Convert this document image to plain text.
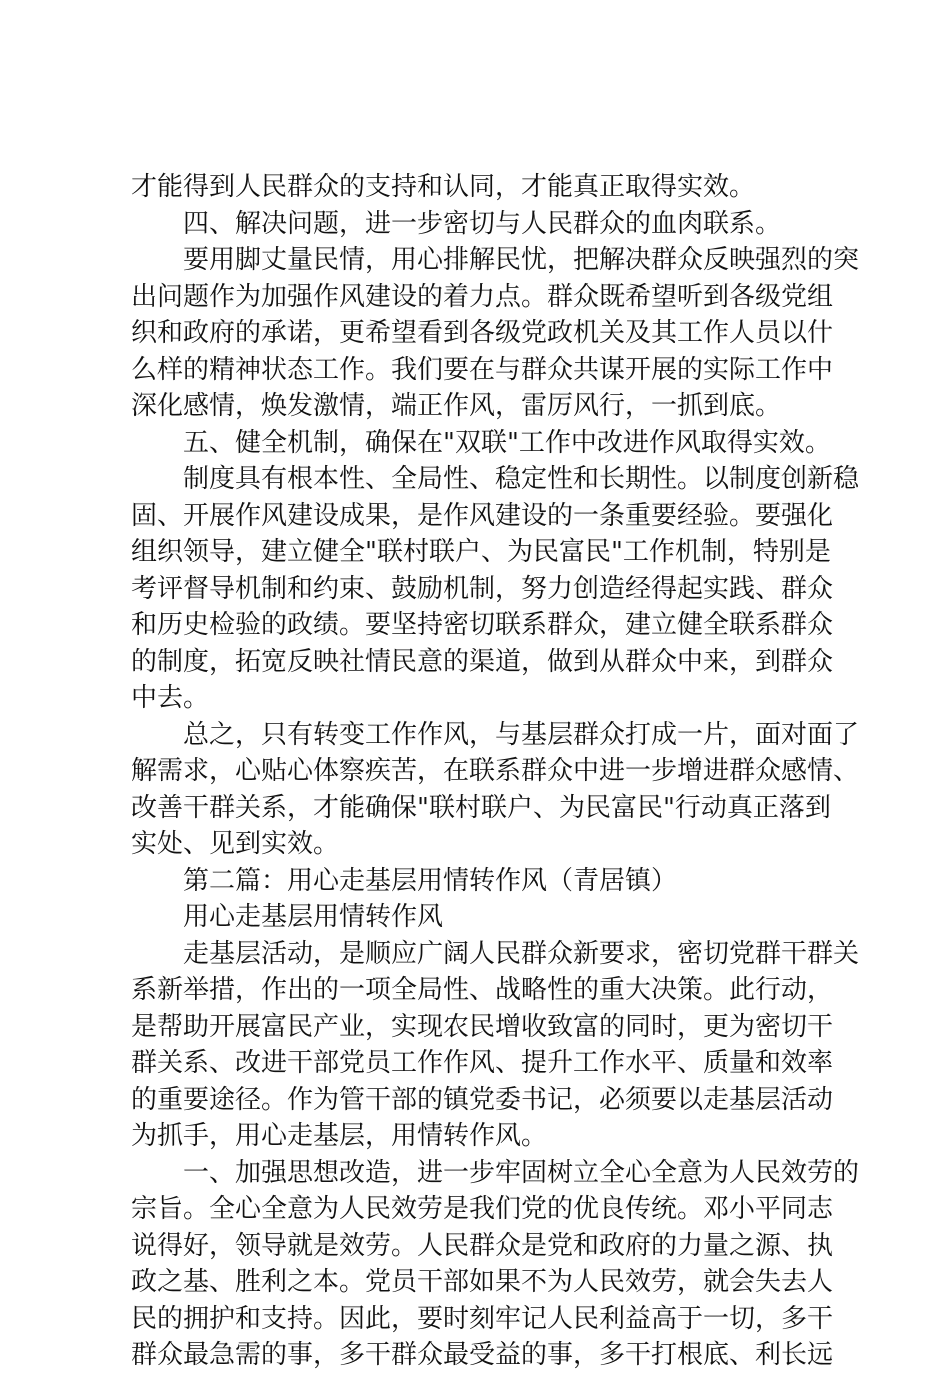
才能得到人民群众的支持和认同，才能真正取得实效。
四、解决问题，进一步密切与人民群众的血肉联系。
要用脚丈量民情，用心排解民忧，把解决群众反映强烈的突
出问题作为加强作风建设的着力点。群众既希望听到各级党组
织和政府的承诺，更希望看到各级党政机关及其工作人员以什
么样的精神状态工作。我们要在与群众共谋开展的实际工作中
深化感情，焕发激情，端正作风，雷厉风行，一抓到底。
五、健全机制，确保在"双联"工作中改进作风取得实效。
制度具有根本性、全局性、稳定性和长期性。以制度创新稳
固、开展作风建设成果，是作风建设的一条重要经验。要强化
组织领导，建立健全"联村联户、为民富民"工作机制，特别是
考评督导机制和约束、鼓励机制，努力创造经得起实践、群众
和历史检验的政绩。要坚持密切联系群众，建立健全联系群众
的制度，拓宽反映社情民意的渠道，做到从群众中来，到群众
中去。
总之，只有转变工作作风，与基层群众打成一片，面对面了
解需求，心贴心体察疾苦，在联系群众中进一步增进群众感情、
改善干群关系，才能确保"联村联户、为民富民"行动真正落到
实处、见到实效。
第二篇：用心走基层用情转作风（青居镇）
用心走基层用情转作风
走基层活动，是顺应广阔人民群众新要求，密切党群干群关
系新举措，作出的一项全局性、战略性的重大决策。此行动，
是帮助开展富民产业，实现农民增收致富的同时，更为密切干
群关系、改进干部党员工作作风、提升工作水平、质量和效率
的重要途径。作为管干部的镇党委书记，必须要以走基层活动
为抓手，用心走基层，用情转作风。
一、加强思想改造，进一步牢固树立全心全意为人民效劳的
宗旨。全心全意为人民效劳是我们党的优良传统。邓小平同志
说得好，领导就是效劳。人民群众是党和政府的力量之源、执
政之基、胜利之本。党员干部如果不为人民效劳，就会失去人
民的拥护和支持。因此，要时刻牢记人民利益高于一切，多干
群众最急需的事，多干群众最受益的事，多干打根底、利长远
